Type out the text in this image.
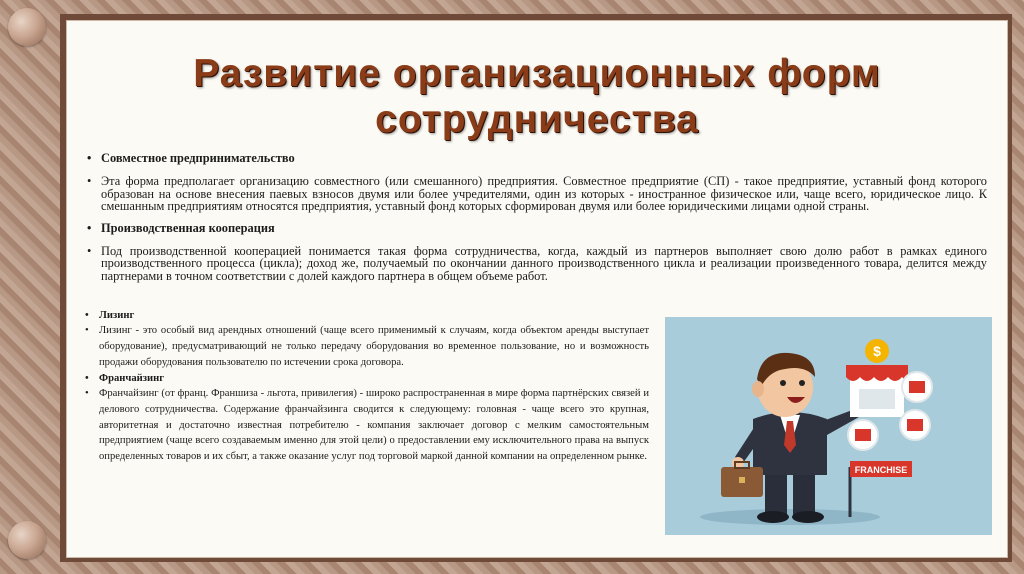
Развитие организационных форм
сотрудничества
• Совместное предпринимательство
• Эта форма предполагает организацию совместного (или смешанного) предприятия. Совместное предприятие (СП) - такое предприятие, уставный фонд которого образован на основе внесения паевых взносов двумя или более учредителями, один из которых - иностранное физическое или, чаще всего, юридическое лицо. К смешанным предприятиям относятся предприятия, уставный фонд которых сформирован двумя или более юридическими лицами одной страны.
• Производственная кооперация
• Под производственной кооперацией понимается такая форма сотрудничества, когда, каждый из партнеров выполняет свою долю работ в рамках единого производственного процесса (цикла); доход же, получаемый по окончании данного производственного цикла и реализации произведенного товара, делится между партнерами в точном соответствии с долей каждого партнера в общем объеме работ.
• Лизинг
• Лизинг - это особый вид арендных отношений (чаще всего применимый к случаям, когда объектом аренды выступает оборудование), предусматривающий не только передачу оборудования во временное пользование, но и возможность продажи оборудования пользователю по истечении срока договора.
• Франчайзинг
• Франчайзинг (от франц. Франшиза - льгота, привилегия) - широко распространенная в мире форма партнёрских связей и делового сотрудничества. Содержание франчайзинга сводится к следующему: головная - чаще всего это крупная, авторитетная и достаточно известная потребителю - компания заключает договор с мелким самостоятельным предприятием (чаще всего создаваемым именно для этой цели) о предоставлении ему исключительного права на выпуск определенных товаров и их сбыт, а также оказание услуг под торговой маркой данной компании на определенном рынке.
$
FRANCHISE
